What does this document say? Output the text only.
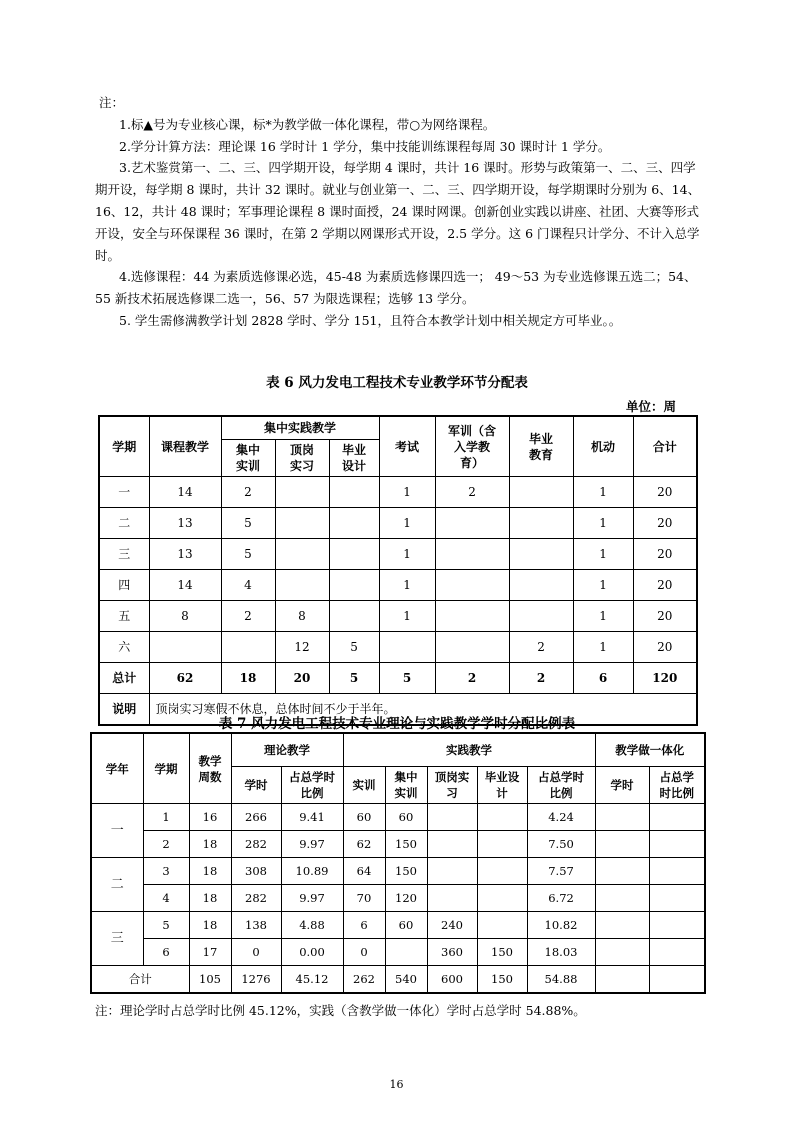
注：

1.标▲号为专业核心课，标*为教学做一体化课程，带○为网络课程。

2.学分计算方法：理论课 16 学时计 1 学分，集中技能训练课程每周 30 课时计 1 学分。

3.艺术鉴赏第一、二、三、四学期开设，每学期 4 课时，共计 16 课时。形势与政策第一、二、三、四学期开设，每学期 8 课时，共计 32 课时。就业与创业第一、二、三、四学期开设，每学期课时分别为 6、14、16、12，共计 48 课时；军事理论课程 8 课时面授，24 课时网课。创新创业实践以讲座、社团、大赛等形式开设，安全与环保课程 36 课时，在第 2 学期以网课形式开设，2.5 学分。这 6 门课程只计学分、不计入总学时。

4.选修课程：44 为素质选修课必选，45-48 为素质选修课四选一； 49～53 为专业选修课五选二；54、55 新技术拓展选修课二选一，56、57 为限选课程；选够 13 学分。

5. 学生需修满教学计划 2828 学时、学分 151，且符合本教学计划中相关规定方可毕业。。

表 6 风力发电工程技术专业教学环节分配表
单位：周
学期	课程教学	集中实践教学			考试	军训（含入学教育）	毕业教育	机动	合计
		集中实训	顶岗实习	毕业设计					
一	14	2			1	2		1	20
二	13	5			1			1	20
三	13	5			1			1	20
四	14	4			1			1	20
五	8	2	8		1			1	20
六			12	5			2	1	20
总计	62	18	20	5	5	2	2	6	120
说明	顶岗实习寒假不休息，总体时间不少于半年。								
表 7 风力发电工程技术专业理论与实践教学学时分配比例表
学年	学期	教学周数	理论教学		实践教学					教学做一体化	
			学时	占总学时比例	实训	集中实训	顶岗实习	毕业设计	占总学时比例	学时	占总学时比例
一	1	16	266	9.41	60	60			4.24		
	2	18	282	9.97	62	150			7.50		
二	3	18	308	10.89	64	150			7.57		
	4	18	282	9.97	70	120			6.72		
三	5	18	138	4.88	6	60	240		10.82		
	6	17	0	0.00	0		360	150	18.03		
合计		105	1276	45.12	262	540	600	150	54.88		
注：理论学时占总学时比例 45.12%，实践（含教学做一体化）学时占总学时 54.88%。
16
